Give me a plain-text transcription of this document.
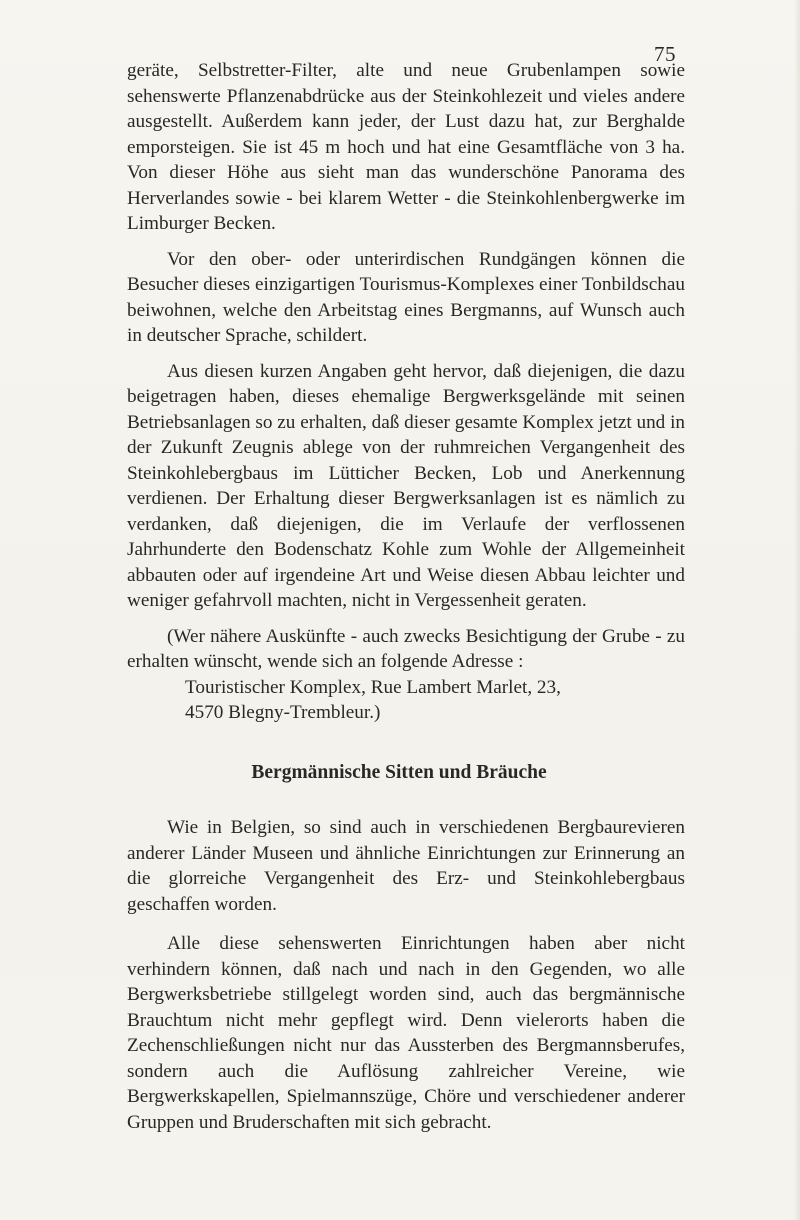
75

geräte, Selbstretter-Filter, alte und neue Grubenlampen sowie sehenswerte Pflanzenabdrücke aus der Steinkohlezeit und vieles andere ausgestellt. Außerdem kann jeder, der Lust dazu hat, zur Berghalde emporsteigen. Sie ist 45 m hoch und hat eine Gesamtfläche von 3 ha. Von dieser Höhe aus sieht man das wunderschöne Panorama des Herverlandes sowie - bei klarem Wetter - die Steinkohlenbergwerke im Limburger Becken.

Vor den ober- oder unterirdischen Rundgängen können die Besucher dieses einzigartigen Tourismus-Komplexes einer Tonbildschau beiwohnen, welche den Arbeitstag eines Bergmanns, auf Wunsch auch in deutscher Sprache, schildert.

Aus diesen kurzen Angaben geht hervor, daß diejenigen, die dazu beigetragen haben, dieses ehemalige Bergwerksgelände mit seinen Betriebsanlagen so zu erhalten, daß dieser gesamte Komplex jetzt und in der Zukunft Zeugnis ablege von der ruhmreichen Vergangenheit des Steinkohlebergbaus im Lütticher Becken, Lob und Anerkennung verdienen. Der Erhaltung dieser Bergwerksanlagen ist es nämlich zu verdanken, daß diejenigen, die im Verlaufe der verflossenen Jahrhunderte den Bodenschatz Kohle zum Wohle der Allgemeinheit abbauten oder auf irgendeine Art und Weise diesen Abbau leichter und weniger gefahrvoll machten, nicht in Vergessenheit geraten.

(Wer nähere Auskünfte - auch zwecks Besichtigung der Grube - zu erhalten wünscht, wende sich an folgende Adresse :

Touristischer Komplex, Rue Lambert Marlet, 23,
4570 Blegny-Trembleur.)
Bergmännische Sitten und Bräuche

Wie in Belgien, so sind auch in verschiedenen Bergbaurevieren anderer Länder Museen und ähnliche Einrichtungen zur Erinnerung an die glorreiche Vergangenheit des Erz- und Steinkohlebergbaus geschaffen worden.

Alle diese sehenswerten Einrichtungen haben aber nicht verhindern können, daß nach und nach in den Gegenden, wo alle Bergwerksbetriebe stillgelegt worden sind, auch das bergmännische Brauchtum nicht mehr gepflegt wird. Denn vielerorts haben die Zechenschließungen nicht nur das Aussterben des Bergmannsberufes, sondern auch die Auflösung zahlreicher Vereine, wie Bergwerkskapellen, Spielmannszüge, Chöre und verschiedener anderer Gruppen und Bruderschaften mit sich gebracht.
